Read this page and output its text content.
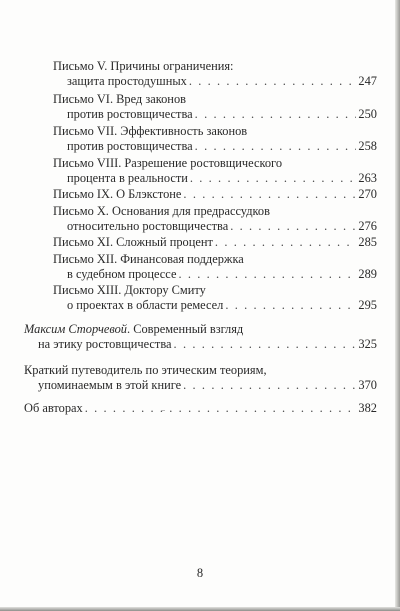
Письмо V. Причины ограничения:
защита простодушных . . .	247
Письмо VI. Вред законов
против ростовщичества . . .	250
Письмо VII. Эффективность законов
против ростовщичества . . .	258
Письмо VIII. Разрешение ростовщического
процента в реальности . . .	263
Письмо IX. О Блэкстоне . . .	270
Письмо X. Основания для предрассудков
относительно ростовщичества . . .	276
Письмо XI. Сложный процент . . .	285
Письмо XII. Финансовая поддержка
в судебном процессе . . .	289
Письмо XIII. Доктору Смиту
о проектах в области ремесел . . .	295
Максим Сторчевой. Современный взгляд
на этику ростовщичества . . .	325
Краткий путеводитель по этическим теориям,
упоминаемым в этой книге . . .	370
Об авторах . . .	382
8
